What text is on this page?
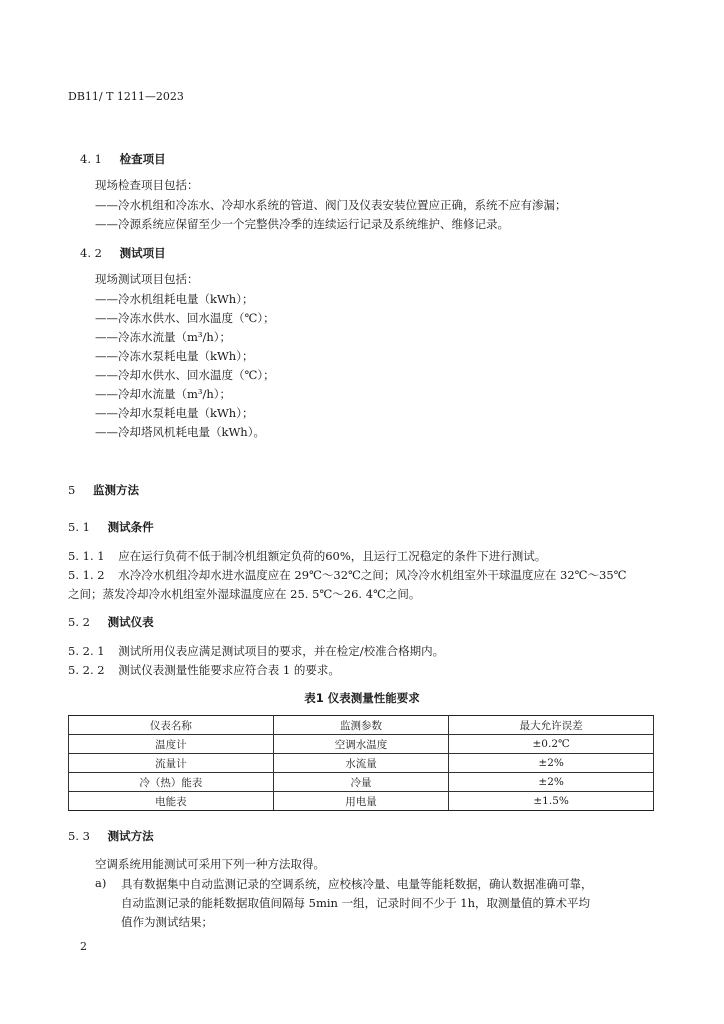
DB11/ T 1211—2023
4. 1 检查项目
现场检查项目包括：
——冷水机组和冷冻水、冷却水系统的管道、阀门及仪表安装位置应正确，系统不应有渗漏；
——冷源系统应保留至少一个完整供冷季的连续运行记录及系统维护、维修记录。
4. 2 测试项目
现场测试项目包括：
——冷水机组耗电量（kWh）；
——冷冻水供水、回水温度（℃）；
——冷冻水流量（m³/h）；
——冷冻水泵耗电量（kWh）；
——冷却水供水、回水温度（℃）；
——冷却水流量（m³/h）；
——冷却水泵耗电量（kWh）；
——冷却塔风机耗电量（kWh）。
5 监测方法
5. 1 测试条件
5. 1. 1 应在运行负荷不低于制冷机组额定负荷的60%，且运行工况稳定的条件下进行测试。
5. 1. 2 水冷冷水机组冷却水进水温度应在 29℃～32℃之间；风冷冷水机组室外干球温度应在 32℃～35℃
之间；蒸发冷却冷水机组室外湿球温度应在 25. 5℃～26. 4℃之间。
5. 2 测试仪表
5. 2. 1 测试所用仪表应满足测试项目的要求，并在检定/校准合格期内。
5. 2. 2 测试仪表测量性能要求应符合表 1 的要求。
表1 仪表测量性能要求
仪表名称	监测参数	最大允许误差
温度计	空调水温度	±0.2℃
流量计	水流量	±2%
冷（热）能表	冷量	±2%
电能表	用电量	±1.5%
5. 3 测试方法
空调系统用能测试可采用下列一种方法取得。
a) 具有数据集中自动监测记录的空调系统，应校核冷量、电量等能耗数据，确认数据准确可靠，
自动监测记录的能耗数据取值间隔每 5min 一组，记录时间不少于 1h，取测量值的算术平均
值作为测试结果；
2
